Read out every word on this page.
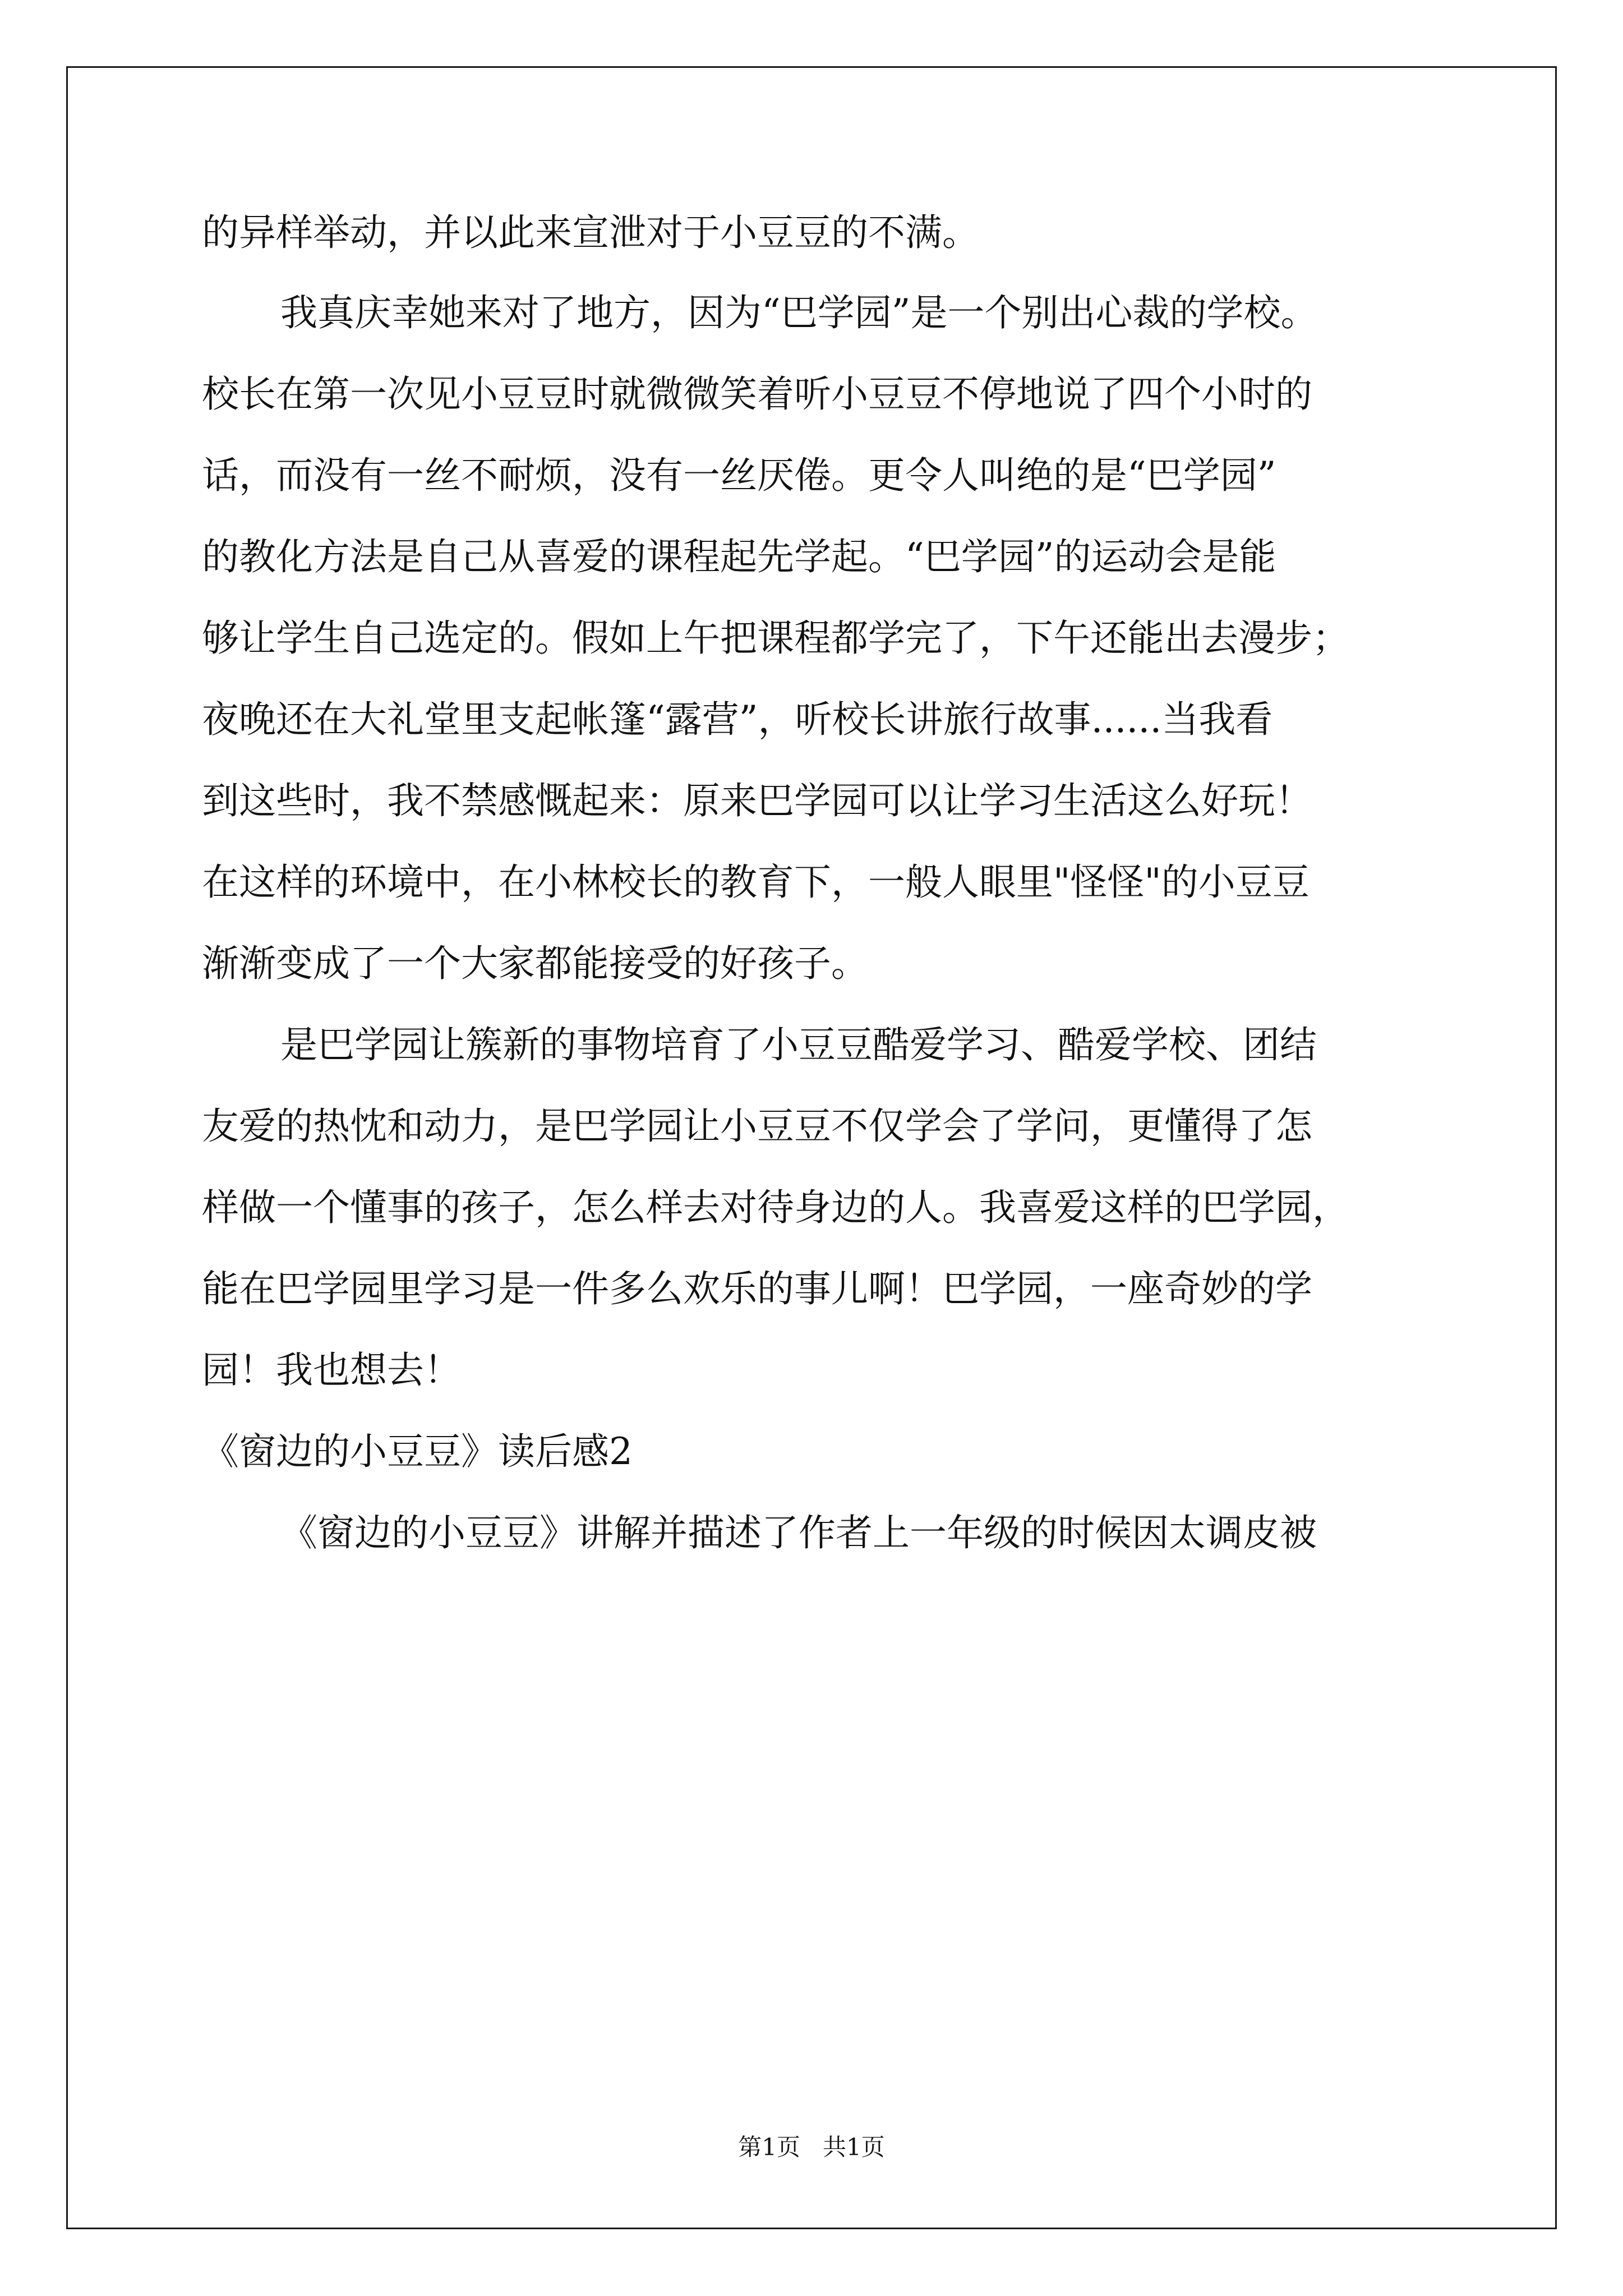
的异样举动，并以此来宣泄对于小豆豆的不满。
我真庆幸她来对了地方，因为“巴学园”是一个别出心裁的学校。
校长在第一次见小豆豆时就微微笑着听小豆豆不停地说了四个小时的
话，而没有一丝不耐烦，没有一丝厌倦。更令人叫绝的是“巴学园”
的教化方法是自己从喜爱的课程起先学起。“巴学园”的运动会是能
够让学生自己选定的。假如上午把课程都学完了，下午还能出去漫步；
夜晚还在大礼堂里支起帐篷“露营”，听校长讲旅行故事......当我看
到这些时，我不禁感慨起来：原来巴学园可以让学习生活这么好玩！
在这样的环境中，在小林校长的教育下，一般人眼里"怪怪"的小豆豆
渐渐变成了一个大家都能接受的好孩子。
是巴学园让簇新的事物培育了小豆豆酷爱学习、酷爱学校、团结
友爱的热忱和动力，是巴学园让小豆豆不仅学会了学问，更懂得了怎
样做一个懂事的孩子，怎么样去对待身边的人。我喜爱这样的巴学园，
能在巴学园里学习是一件多么欢乐的事儿啊！巴学园，一座奇妙的学
园！我也想去！
《窗边的小豆豆》读后感2
《窗边的小豆豆》讲解并描述了作者上一年级的时候因太调皮被
第1页 共1页
